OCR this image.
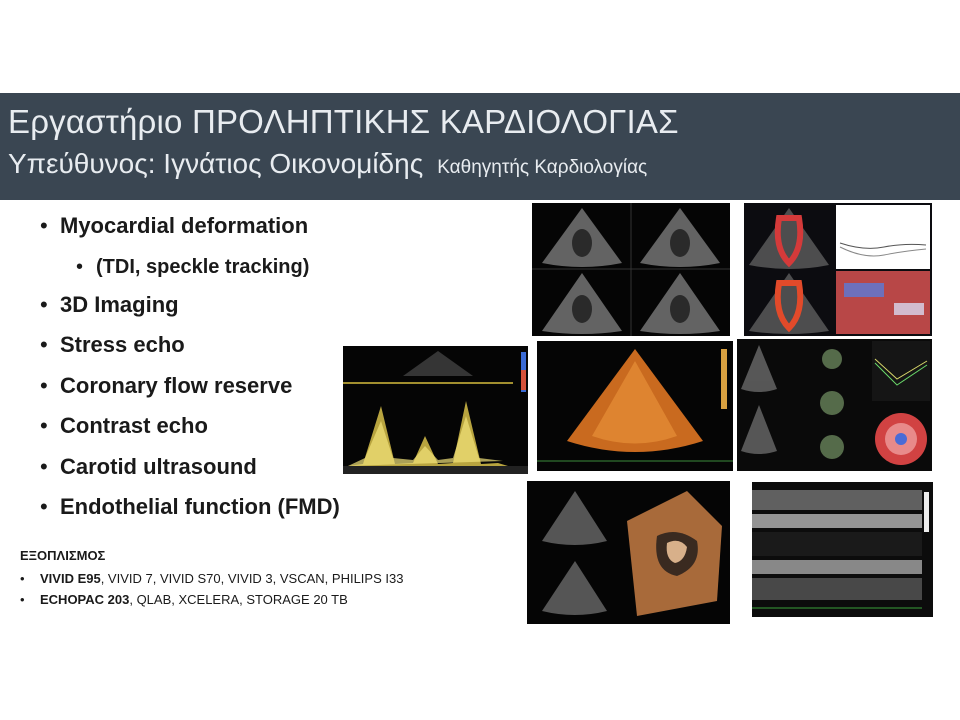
Εργαστήριο ΠΡΟΛΗΠΤΙΚΗΣ ΚΑΡΔΙΟΛΟΓΙΑΣ
Υπεύθυνος: Ιγνάτιος Οικονομίδης Καθηγητής Καρδιολογίας
• Myocardial deformation
• (TDI, speckle tracking)
• 3D Imaging
• Stress echo
• Coronary flow reserve
• Contrast echo
• Carotid ultrasound
• Endothelial function (FMD)
ΕΞΟΠΛΙΣΜΟΣ
• VIVID E95, VIVID 7, VIVID S70, VIVID 3, VSCAN, PHILIPS I33
• ECHOPAC 203, QLAB, XCELERA, STORAGE 20 TB
